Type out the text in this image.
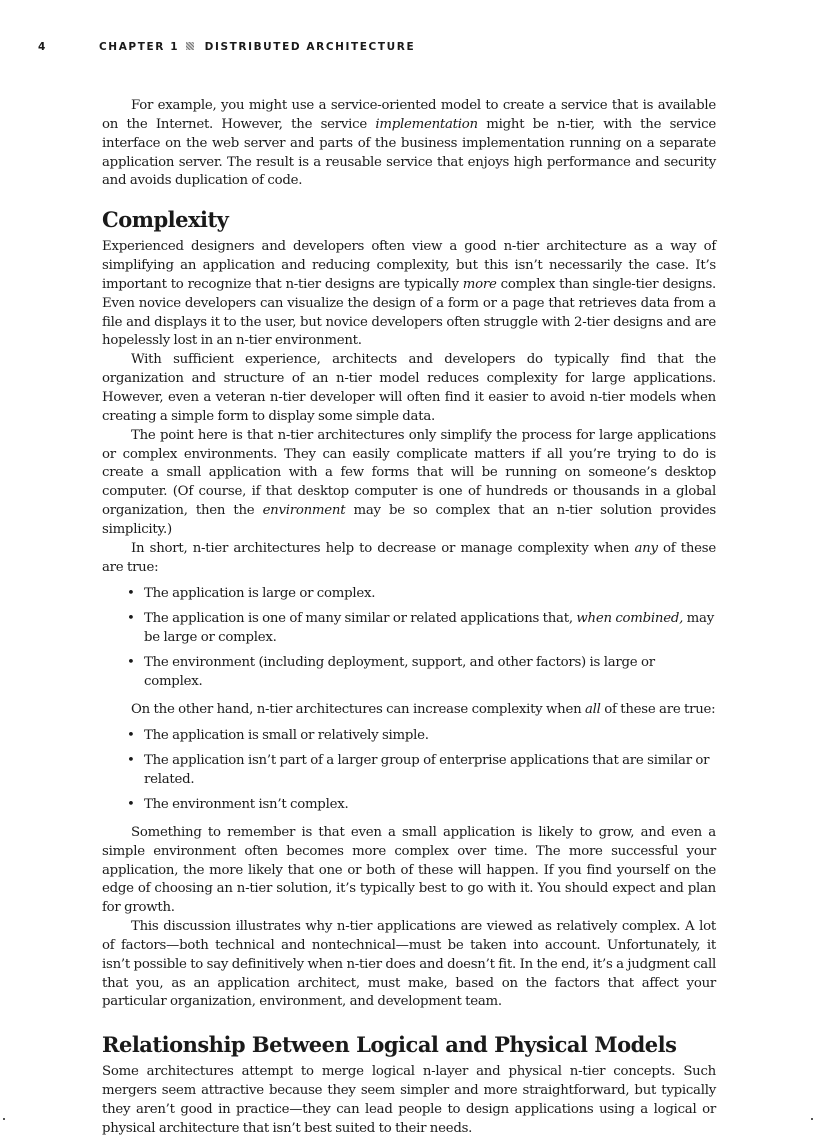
4	CHAPTER 1 DISTRIBUTED ARCHITECTURE

For example, you might use a service-oriented model to create a service that is available on the Internet. However, the service implementation might be n-tier, with the service interface on the web server and parts of the business implementation running on a separate application server. The result is a reusable service that enjoys high performance and security and avoids duplication of code.

Complexity

Experienced designers and developers often view a good n-tier architecture as a way of simplifying an application and reducing complexity, but this isn’t necessarily the case. It’s important to recognize that n-tier designs are typically more complex than single-tier designs. Even novice developers can visualize the design of a form or a page that retrieves data from a file and displays it to the user, but novice developers often struggle with 2-tier designs and are hopelessly lost in an n-tier environment.

With sufficient experience, architects and developers do typically find that the organization and structure of an n-tier model reduces complexity for large applications. However, even a veteran n-tier developer will often find it easier to avoid n-tier models when creating a simple form to display some simple data.

The point here is that n-tier architectures only simplify the process for large applications or complex environments. They can easily complicate matters if all you’re trying to do is create a small application with a few forms that will be running on someone’s desktop computer. (Of course, if that desktop computer is one of hundreds or thousands in a global organization, then the environment may be so complex that an n-tier solution provides simplicity.)

In short, n-tier architectures help to decrease or manage complexity when any of these are true:

• The application is large or complex.
• The application is one of many similar or related applications that, when combined, may be large or complex.
• The environment (including deployment, support, and other factors) is large or complex.

On the other hand, n-tier architectures can increase complexity when all of these are true:

• The application is small or relatively simple.
• The application isn’t part of a larger group of enterprise applications that are similar or related.
• The environment isn’t complex.

Something to remember is that even a small application is likely to grow, and even a simple environment often becomes more complex over time. The more successful your application, the more likely that one or both of these will happen. If you find yourself on the edge of choosing an n-tier solution, it’s typically best to go with it. You should expect and plan for growth.

This discussion illustrates why n-tier applications are viewed as relatively complex. A lot of factors—both technical and nontechnical—must be taken into account. Unfortunately, it isn’t possible to say definitively when n-tier does and doesn’t fit. In the end, it’s a judgment call that you, as an application architect, must make, based on the factors that affect your particular organization, environment, and development team.

Relationship Between Logical and Physical Models

Some architectures attempt to merge logical n-layer and physical n-tier concepts. Such mergers seem attractive because they seem simpler and more straightforward, but typically they aren’t good in practice—they can lead people to design applications using a logical or physical architecture that isn’t best suited to their needs.
